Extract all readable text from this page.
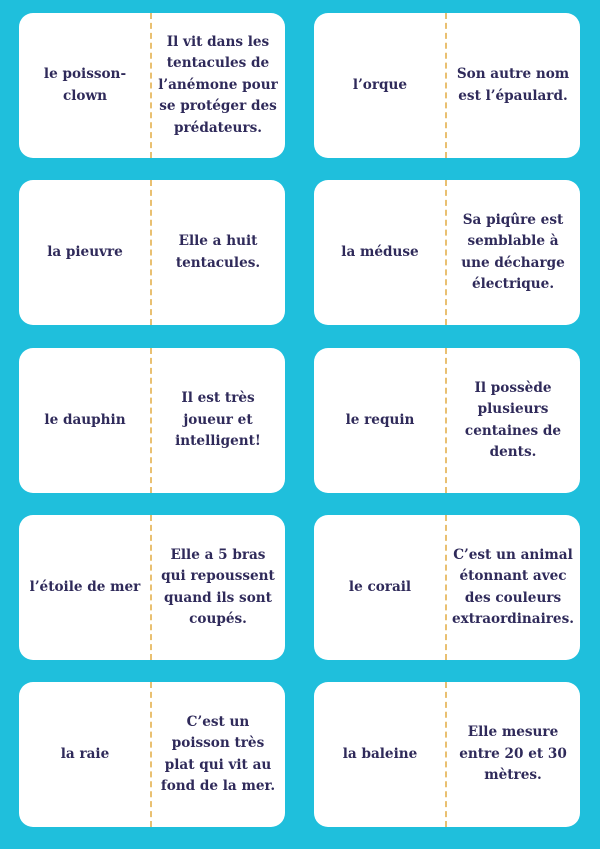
le poisson-clown
Il vit dans les tentacules de l’anémone pour se protéger des prédateurs.
l’orque
Son autre nom est l’épaulard.
la pieuvre
Elle a huit tentacules.
la méduse
Sa piqûre est semblable à une décharge électrique.
le dauphin
Il est très joueur et intelligent!
le requin
Il possède plusieurs centaines de dents.
l’étoile de mer
Elle a 5 bras qui repoussent quand ils sont coupés.
le corail
C’est un animal étonnant avec des couleurs extraordinaires.
la raie
C’est un poisson très plat qui vit au fond de la mer.
la baleine
Elle mesure entre 20 et 30 mètres.
